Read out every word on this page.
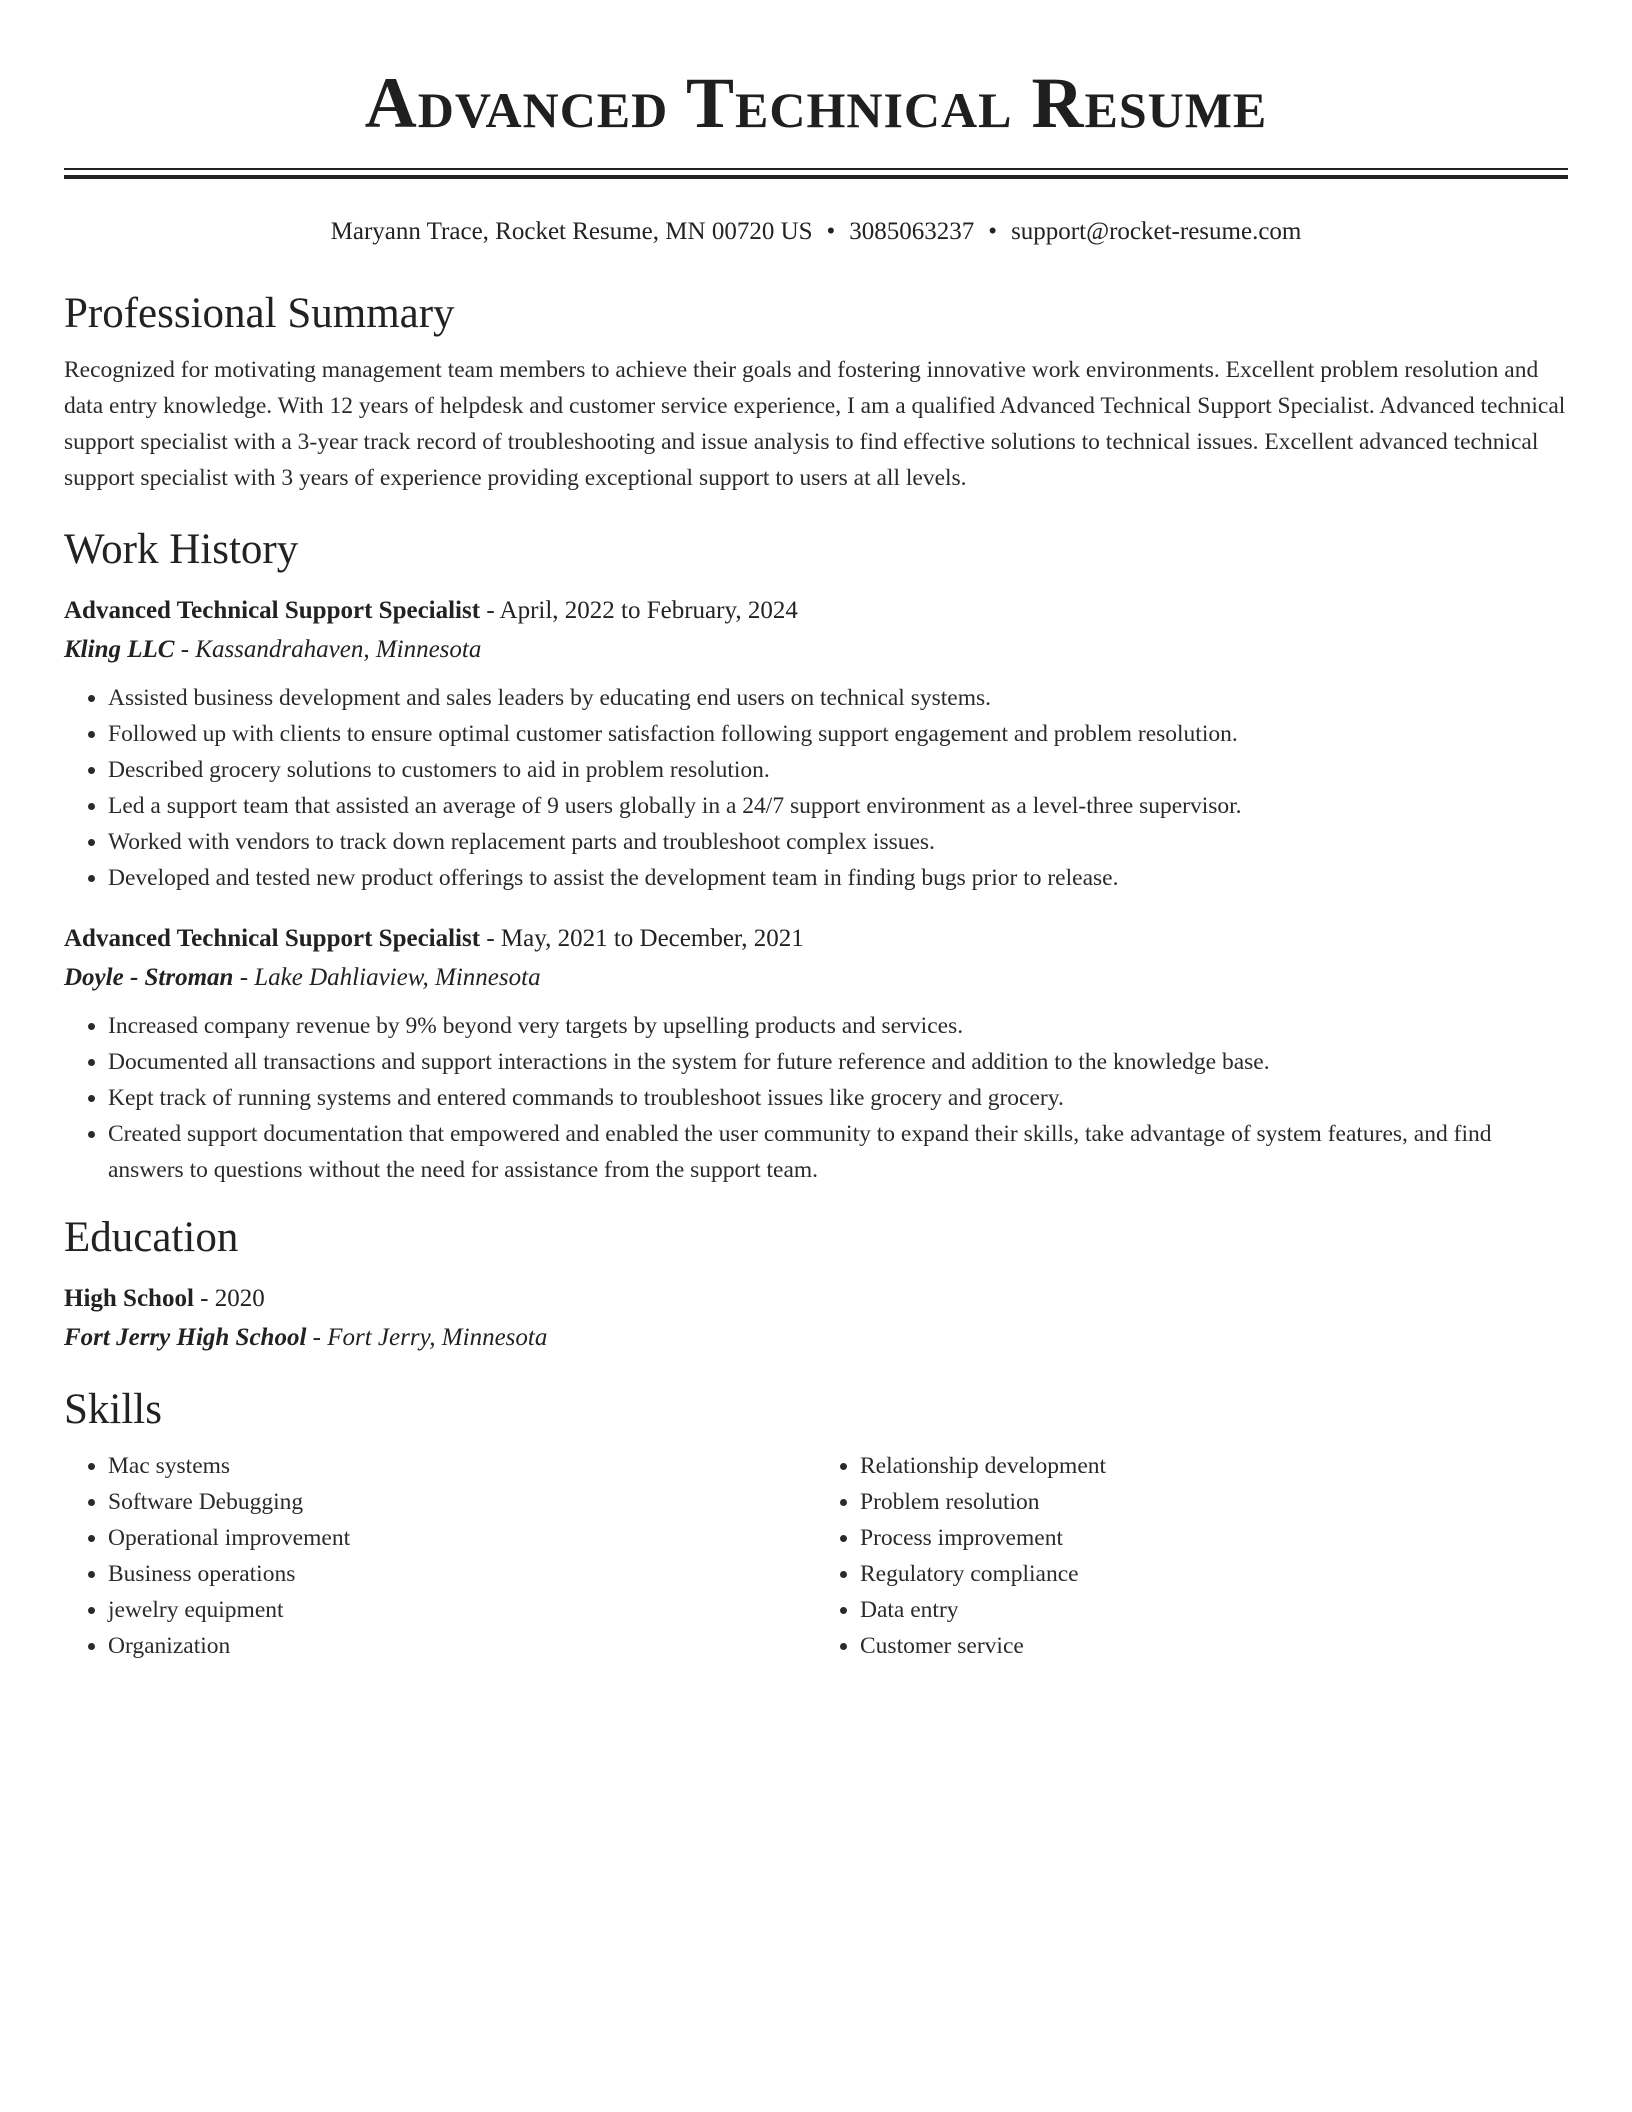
Advanced Technical Resume
Maryann Trace, Rocket Resume, MN 00720 US • 3085063237 • support@rocket-resume.com
Professional Summary
Recognized for motivating management team members to achieve their goals and fostering innovative work environments. Excellent problem resolution and data entry knowledge. With 12 years of helpdesk and customer service experience, I am a qualified Advanced Technical Support Specialist. Advanced technical support specialist with a 3-year track record of troubleshooting and issue analysis to find effective solutions to technical issues. Excellent advanced technical support specialist with 3 years of experience providing exceptional support to users at all levels.
Work History
Advanced Technical Support Specialist - April, 2022 to February, 2024
Kling LLC - Kassandrahaven, Minnesota
• Assisted business development and sales leaders by educating end users on technical systems.
• Followed up with clients to ensure optimal customer satisfaction following support engagement and problem resolution.
• Described grocery solutions to customers to aid in problem resolution.
• Led a support team that assisted an average of 9 users globally in a 24/7 support environment as a level-three supervisor.
• Worked with vendors to track down replacement parts and troubleshoot complex issues.
• Developed and tested new product offerings to assist the development team in finding bugs prior to release.
Advanced Technical Support Specialist - May, 2021 to December, 2021
Doyle - Stroman - Lake Dahliaview, Minnesota
• Increased company revenue by 9% beyond very targets by upselling products and services.
• Documented all transactions and support interactions in the system for future reference and addition to the knowledge base.
• Kept track of running systems and entered commands to troubleshoot issues like grocery and grocery.
• Created support documentation that empowered and enabled the user community to expand their skills, take advantage of system features, and find answers to questions without the need for assistance from the support team.
Education
High School - 2020
Fort Jerry High School - Fort Jerry, Minnesota
Skills
• Mac systems
• Software Debugging
• Operational improvement
• Business operations
• jewelry equipment
• Organization
• Relationship development
• Problem resolution
• Process improvement
• Regulatory compliance
• Data entry
• Customer service
